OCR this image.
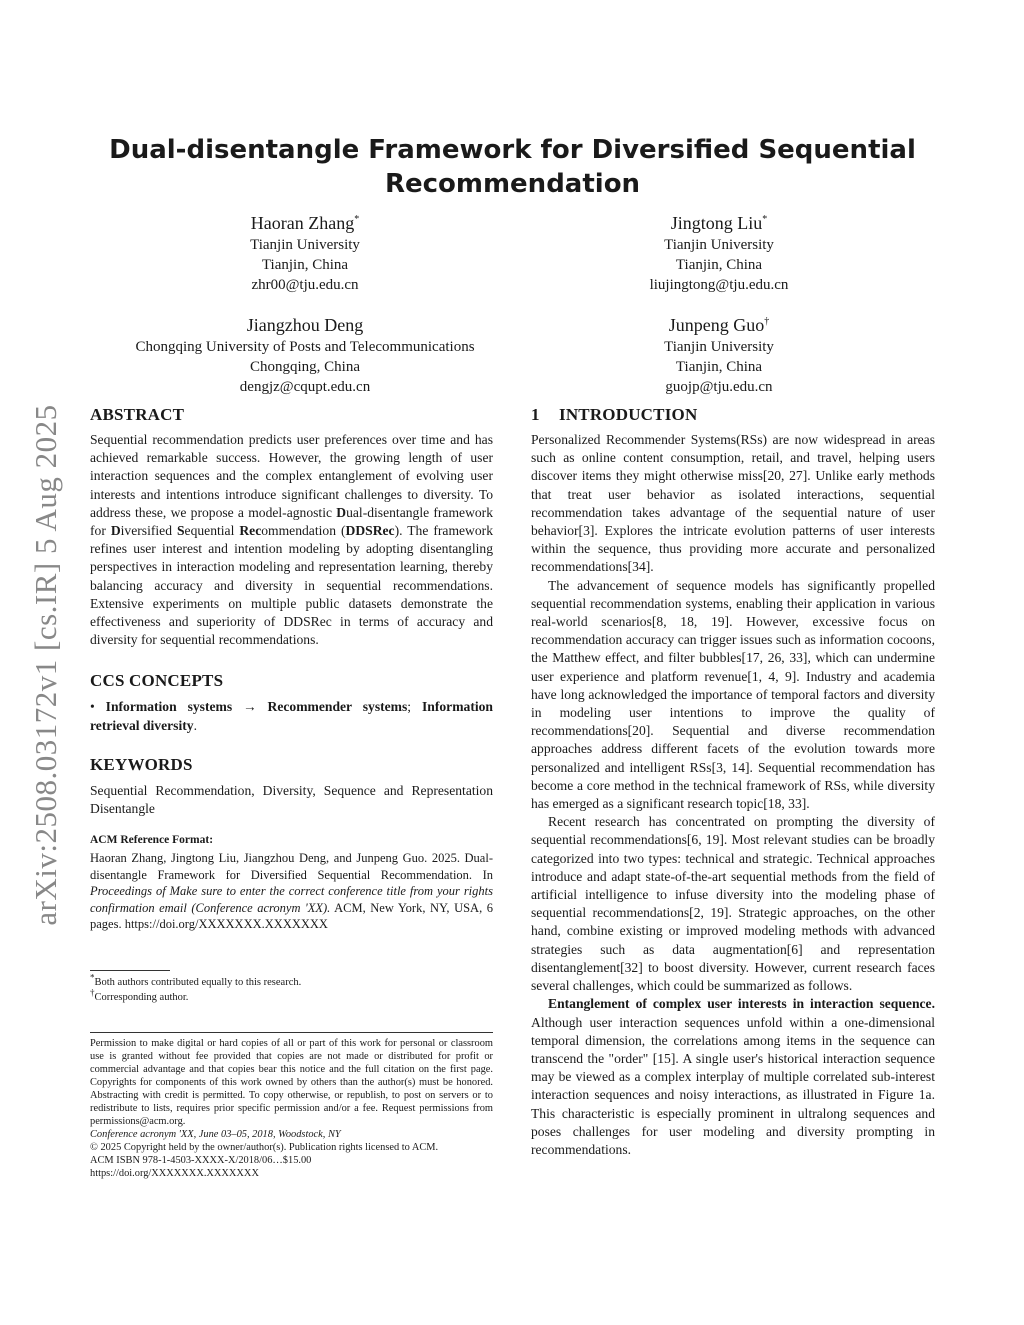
arXiv:2508.03172v1 [cs.IR] 5 Aug 2025
Dual-disentangle Framework for Diversified Sequential Recommendation
Haoran Zhang*
Tianjin University
Tianjin, China
zhr00@tju.edu.cn
Jingtong Liu*
Tianjin University
Tianjin, China
liujingtong@tju.edu.cn
Jiangzhou Deng
Chongqing University of Posts and Telecommunications
Chongqing, China
dengjz@cqupt.edu.cn
Junpeng Guo†
Tianjin University
Tianjin, China
guojp@tju.edu.cn
ABSTRACT

Sequential recommendation predicts user preferences over time and has achieved remarkable success. However, the growing length of user interaction sequences and the complex entanglement of evolving user interests and intentions introduce significant challenges to diversity. To address these, we propose a model-agnostic Dual-disentangle framework for Diversified Sequential Recommendation (DDSRec). The framework refines user interest and intention modeling by adopting disentangling perspectives in interaction modeling and representation learning, thereby balancing accuracy and diversity in sequential recommendations. Extensive experiments on multiple public datasets demonstrate the effectiveness and superiority of DDSRec in terms of accuracy and diversity for sequential recommendations.

CCS CONCEPTS

• Information systems → Recommender systems; Information retrieval diversity.

KEYWORDS

Sequential Recommendation, Diversity, Sequence and Representation Disentangle

ACM Reference Format:

Haoran Zhang, Jingtong Liu, Jiangzhou Deng, and Junpeng Guo. 2025. Dual-disentangle Framework for Diversified Sequential Recommendation. In Proceedings of Make sure to enter the correct conference title from your rights confirmation email (Conference acronym 'XX). ACM, New York, NY, USA, 6 pages. https://doi.org/XXXXXXX.XXXXXXX

*Both authors contributed equally to this research.

†Corresponding author.

Permission to make digital or hard copies of all or part of this work for personal or classroom use is granted without fee provided that copies are not made or distributed for profit or commercial advantage and that copies bear this notice and the full citation on the first page. Copyrights for components of this work owned by others than the author(s) must be honored. Abstracting with credit is permitted. To copy otherwise, or republish, to post on servers or to redistribute to lists, requires prior specific permission and/or a fee. Request permissions from permissions@acm.org.

Conference acronym 'XX, June 03–05, 2018, Woodstock, NY

© 2025 Copyright held by the owner/author(s). Publication rights licensed to ACM.

ACM ISBN 978-1-4503-XXXX-X/2018/06…$15.00

https://doi.org/XXXXXXX.XXXXXXX

1 INTRODUCTION

Personalized Recommender Systems(RSs) are now widespread in areas such as online content consumption, retail, and travel, helping users discover items they might otherwise miss[20, 27]. Unlike early methods that treat user behavior as isolated interactions, sequential recommendation takes advantage of the sequential nature of user behavior[3]. Explores the intricate evolution patterns of user interests within the sequence, thus providing more accurate and personalized recommendations[34].

The advancement of sequence models has significantly propelled sequential recommendation systems, enabling their application in various real-world scenarios[8, 18, 19]. However, excessive focus on recommendation accuracy can trigger issues such as information cocoons, the Matthew effect, and filter bubbles[17, 26, 33], which can undermine user experience and platform revenue[1, 4, 9]. Industry and academia have long acknowledged the importance of temporal factors and diversity in modeling user intentions to improve the quality of recommendations[20]. Sequential and diverse recommendation approaches address different facets of the evolution towards more personalized and intelligent RSs[3, 14]. Sequential recommendation has become a core method in the technical framework of RSs, while diversity has emerged as a significant research topic[18, 33].

Recent research has concentrated on prompting the diversity of sequential recommendations[6, 19]. Most relevant studies can be broadly categorized into two types: technical and strategic. Technical approaches introduce and adapt state-of-the-art sequential methods from the field of artificial intelligence to infuse diversity into the modeling phase of sequential recommendations[2, 19]. Strategic approaches, on the other hand, combine existing or improved modeling methods with advanced strategies such as data augmentation[6] and representation disentanglement[32] to boost diversity. However, current research faces several challenges, which could be summarized as follows.

Entanglement of complex user interests in interaction sequence. Although user interaction sequences unfold within a one-dimensional temporal dimension, the correlations among items in the sequence can transcend the "order" [15]. A single user's historical interaction sequence may be viewed as a complex interplay of multiple correlated sub-interest interaction sequences and noisy interactions, as illustrated in Figure 1a. This characteristic is especially prominent in ultralong sequences and poses challenges for user modeling and diversity prompting in recommendations.
